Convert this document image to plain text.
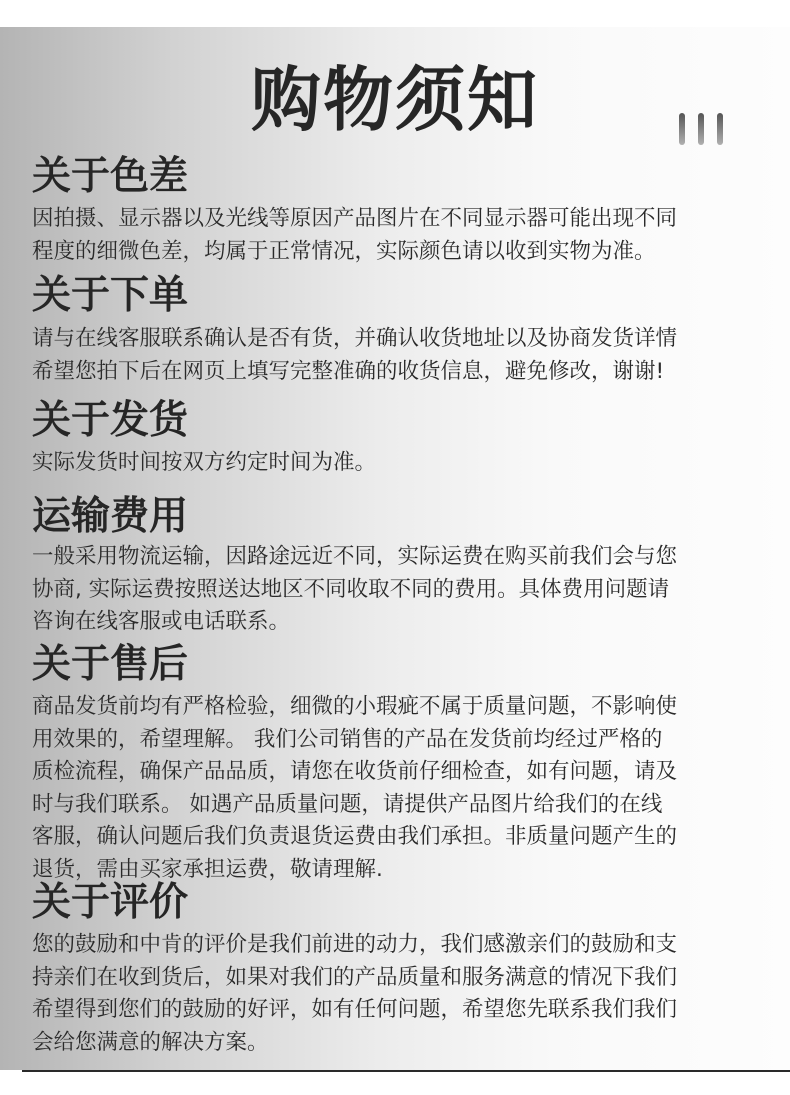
购物须知
关于色差

因拍摄、显示器以及光线等原因产品图片在不同显示器可能出现不同

程度的细微色差，均属于正常情况，实际颜色请以收到实物为准。

关于下单

请与在线客服联系确认是否有货，并确认收货地址以及协商发货详情

希望您拍下后在网页上填写完整准确的收货信息，避免修改，谢谢!

关于发货

实际发货时间按双方约定时间为准。

运输费用

一般采用物流运输，因路途远近不同，实际运费在购买前我们会与您

协商, 实际运费按照送达地区不同收取不同的费用。具体费用问题请

咨询在线客服或电话联系。

关于售后

商品发货前均有严格检验，细微的小瑕疵不属于质量问题，不影响使

用效果的，希望理解。 我们公司销售的产品在发货前均经过严格的

质检流程，确保产品品质，请您在收货前仔细检查，如有问题，请及

时与我们联系。 如遇产品质量问题，请提供产品图片给我们的在线

客服，确认问题后我们负责退货运费由我们承担。非质量问题产生的

退货，需由买家承担运费，敬请理解.

关于评价

您的鼓励和中肯的评价是我们前进的动力，我们感激亲们的鼓励和支

持亲们在收到货后，如果对我们的产品质量和服务满意的情况下我们

希望得到您们的鼓励的好评，如有任何问题，希望您先联系我们我们

会给您满意的解决方案。
